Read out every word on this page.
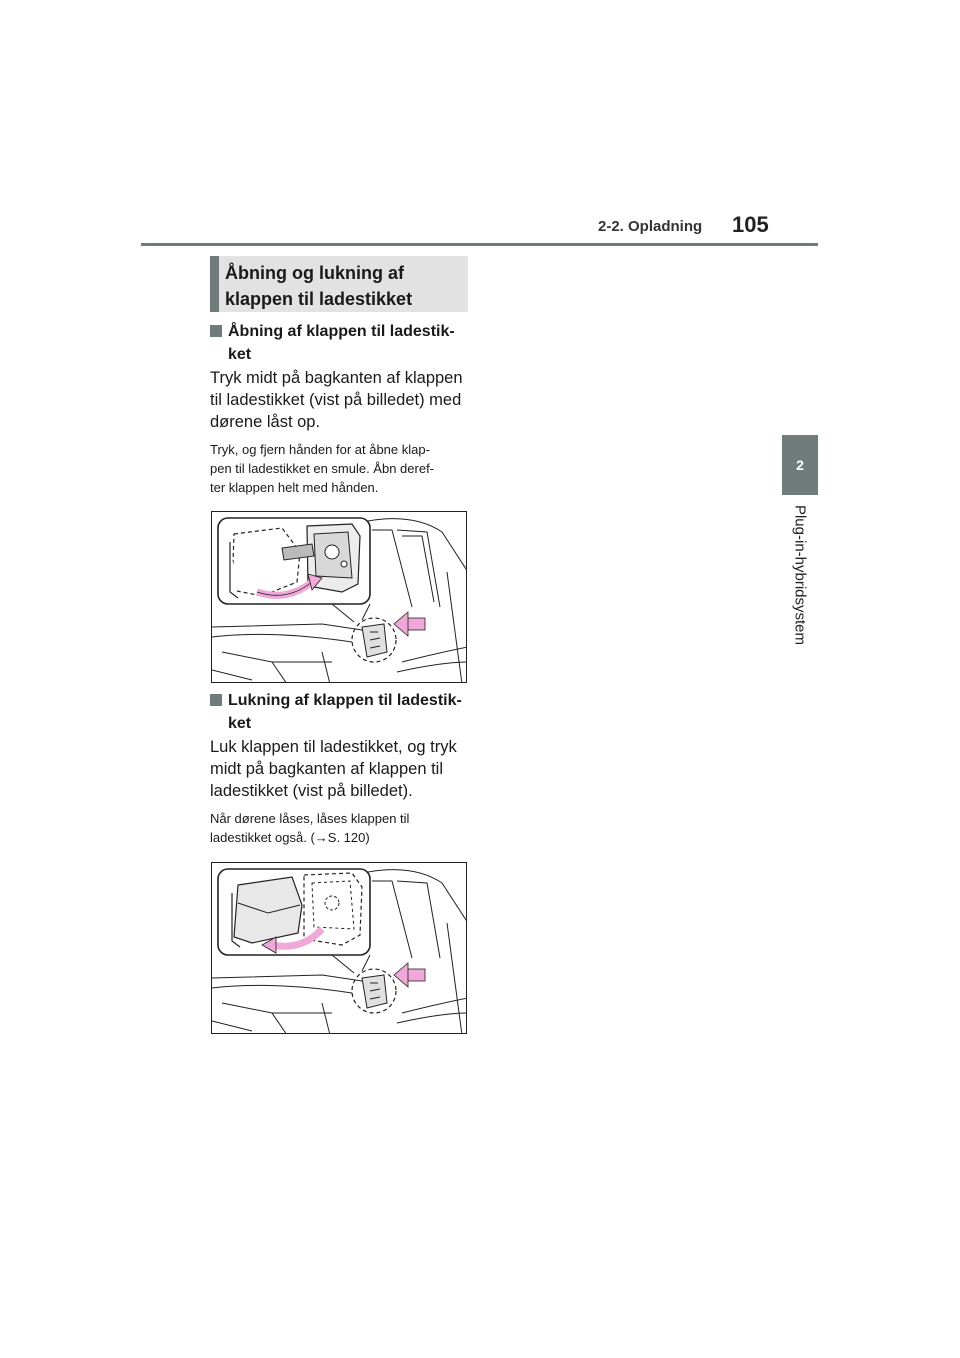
2-2. Opladning 105
2
Plug-in-hybridsystem
Åbning og lukning af
klappen til ladestikket
Åbning af klappen til ladestik-
ket
Tryk midt på bagkanten af klappen
til ladestikket (vist på billedet) med
dørene låst op.
Tryk, og fjern hånden for at åbne klap-
pen til ladestikket en smule. Åbn deref-
ter klappen helt med hånden.
Lukning af klappen til ladestik-
ket
Luk klappen til ladestikket, og tryk
midt på bagkanten af klappen til
ladestikket (vist på billedet).
Når dørene låses, låses klappen til
ladestikket også. (→S. 120)
